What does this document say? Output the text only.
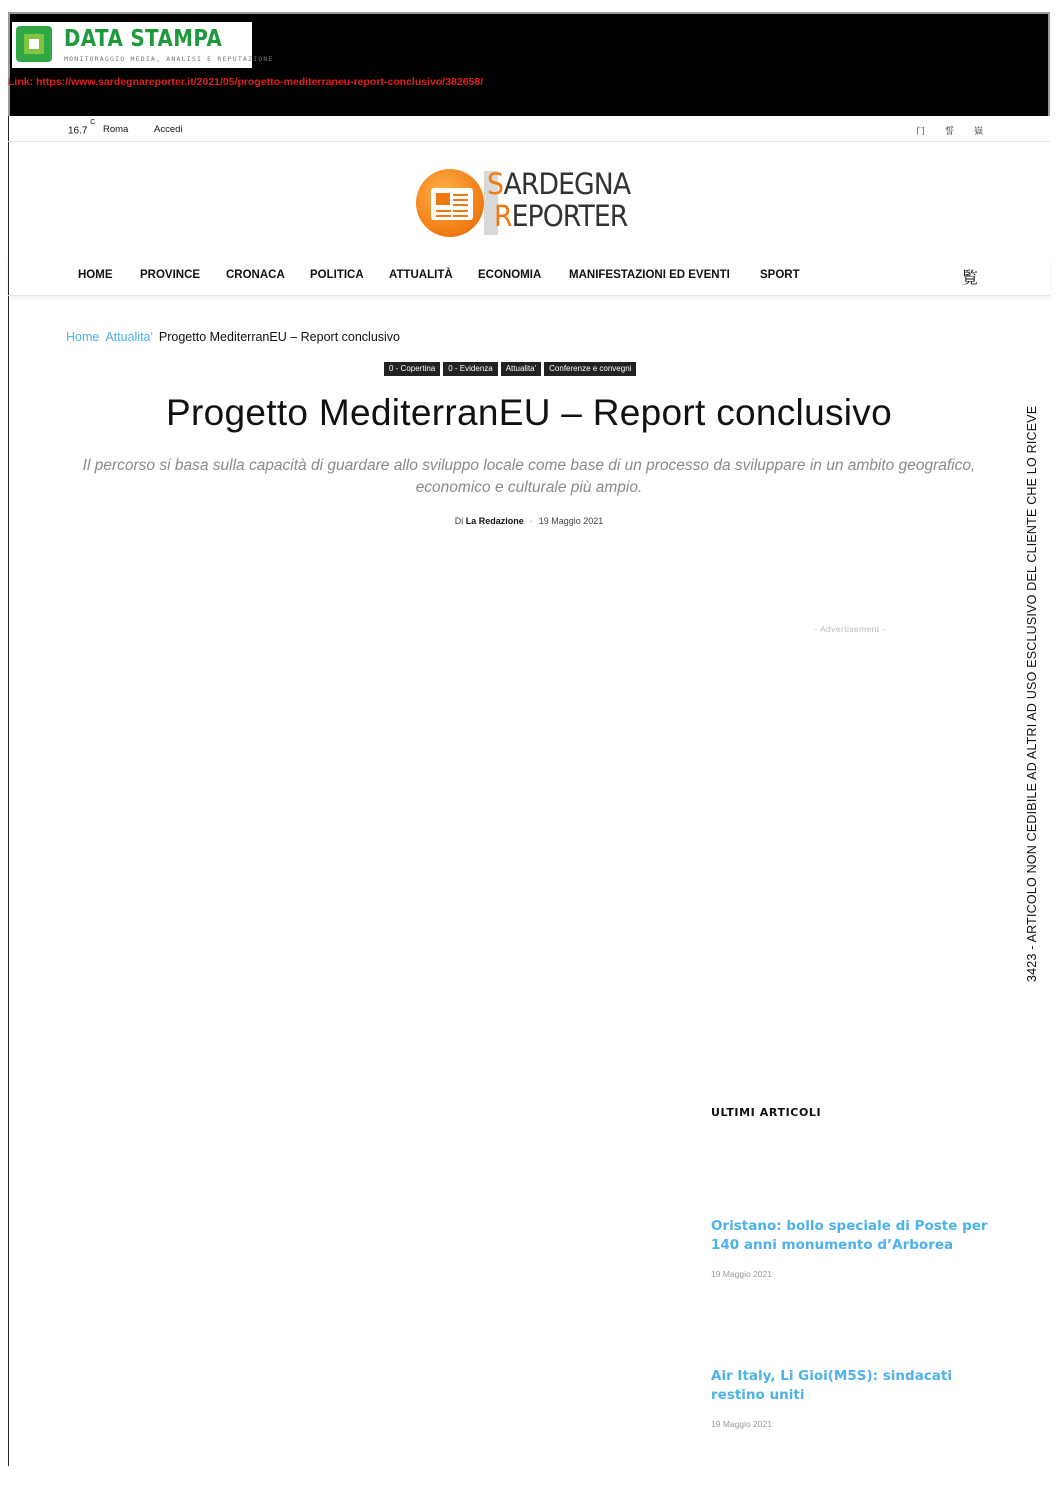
DATA STAMPA
MONITORAGGIO MEDIA, ANALISI E REPUTAZIONE
Link: https://www.sardegnareporter.it/2021/05/progetto-mediterraneu-report-conclusivo/382658/
16.7 $^C$
Roma	Accedi	门 誓 嶽
SARDEGNA
REPORTER
HOME PROVINCE CRONACA POLITICA ATTUALITÀ ECONOMIA MANIFESTAZIONI ED EVENTI	SPORT	覧
Home Attualita' Progetto MediterranEU – Report conclusivo
0 - Copertina 0 - Evidenza Attualita' Conferenze e convegni
Progetto MediterranEU – Report conclusivo

Il percorso si basa sulla capacità di guardare allo sviluppo locale come base di un processo da sviluppare in un ambito geografico, economico e culturale più ampio.

Di La Redazione - 19 Maggio 2021
- Advertisement -
ULTIMI ARTICOLI
Oristano: bollo speciale di Poste per 140 anni monumento d’Arborea
19 Maggio 2021
Air Italy, Li Gioi(M5S): sindacati restino uniti
19 Maggio 2021
3423 - ARTICOLO NON CEDIBILE AD ALTRI AD USO ESCLUSIVO DEL CLIENTE CHE LO RICEVE
